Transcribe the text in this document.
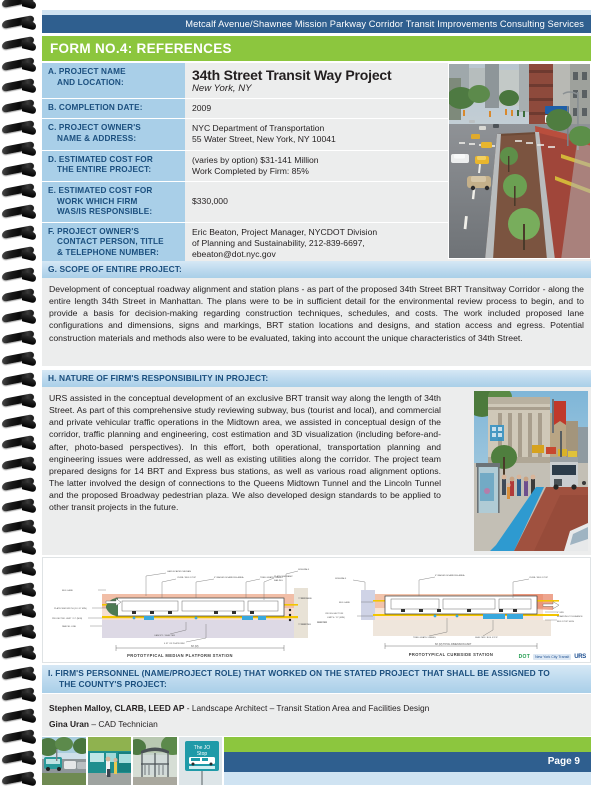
Metcalf Avenue/Shawnee Mission Parkway Corridor Transit Improvements Consulting Services
FORM NO.4: REFERENCES
A. PROJECT NAME
AND LOCATION:	34th Street Transit Way Project
New York, NY
B. COMPLETION DATE:	2009
C. PROJECT OWNER'S
NAME & ADDRESS:
NYC Department of Transportation
55 Water Street, New York, NY 10041
D. ESTIMATED COST FOR
THE ENTIRE PROJECT:
(varies by option) $31-141 Million
Work Completed by Firm: 85%
E. ESTIMATED COST FOR
WORK WHICH FIRM
WAS/IS RESPONSIBLE:
$330,000
F. PROJECT OWNER'S
CONTACT PERSON, TITLE
& TELEPHONE NUMBER:
Eric Beaton, Project Manager, NYCDOT Division
of Planning and Sustainability, 212-839-6697,
ebeaton@dot.nyc.gov
G. SCOPE OF ENTIRE PROJECT:
Development of conceptual roadway alignment and station plans - as part of the proposed 34th Street BRT Transitway Corridor - along the entire length 34th Street in Manhattan. The plans were to be in sufficient detail for the environmental review process to begin, and to provide a basis for decision-making regarding construction techniques, schedules, and costs. The work included proposed lane configurations and dimensions, signs and markings, BRT station locations and designs, and station access and egress. Potential construction materials and methods also were to be evaluated, taking into account the unique characteristics of 34th Street.
H. NATURE OF FIRM'S RESPONSIBILITY IN PROJECT:
URS assisted in the conceptual development of an exclusive BRT transit way along the length of 34th Street. As part of this comprehensive study reviewing subway, bus (tourist and local), and commercial and private vehicular traffic operations in the Midtown area, we assisted in conceptual design of the corridor, traffic planning and engineering, cost estimation and 3D visualization (including before-and-after, photo-based perspectives). In this effort, both operational, transportation planning and engineering issues were addressed, as well as existing utilities along the corridor. The project team prepared designs for 14 BRT and Express bus stations, as well as various road alignment options. The latter involved the design of connections to the Queens Midtown Tunnel and the Lincoln Tunnel and the proposed Broadway pedestrian plaza. We also developed design standards to be applied to other transit projects in the future.
LANDSCAPED MEDIAN
CURB / BUS STOP	6" RAISED BOARDING AREA	TREE GRATE/ GRASS
PLATFORM RAMP
RAILING
SIDEWALK
BUS LANE
PLATFORM WIDTH (10'-12' MIN)
PROJECTED LIMIT / 12' (MIN)
PARCEL LINE
BUS LANE
SHELTER
CANOPY / SHELTER
6 FT OF PLATFORM
60' (M)
PROTOTYPICAL MEDIAN PLATFORM STATION
6" RAISED BOARDING AREA
CURB / BUS STOP
SIDEWALK
BUS LANE
CROSS-SECTION
LIMITS / 12' (MIN)
6" MIN
BOARDING TOLERANCE
BUS STOP SIGN
TREE GRATE/ GRASS	SHELTER / BUS STOP
SHELTER
60' (M) TOTAL DIMENSION LIMIT
PROTOTYPICAL CURBSIDE STATION	DOT	New York City Transit URS
I. FIRM'S PERSONNEL (NAME/PROJECT ROLE) THAT WORKED ON THE STATED PROJECT THAT SHALL BE ASSIGNED TO
THE COUNTY'S PROJECT:
Stephen Malloy, CLARB, LEED AP - Landscape Architect – Transit Station Area and Facilities Design
Gina Uran – CAD Technician
The JO
Stop
Page 9
